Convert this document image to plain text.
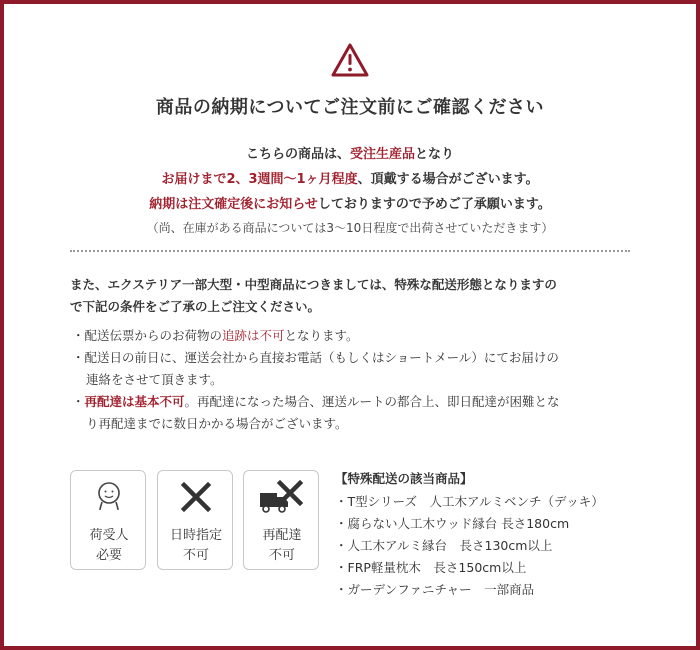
商品の納期についてご注文前にご確認ください
こちらの商品は、受注生産品となり
お届けまで2、3週間〜1ヶ月程度、頂戴する場合がございます。
納期は注文確定後にお知らせしておりますので予めご了承願います。
（尚、在庫がある商品については3〜10日程度で出荷させていただきます）
また、エクステリア一部大型・中型商品につきましては、特殊な配送形態となりますの
で下記の条件をご了承の上ご注文ください。
・配送伝票からのお荷物の追跡は不可となります。
・配送日の前日に、運送会社から直接お電話（もしくはショートメール）にてお届けの
連絡をさせて頂きます。
・再配達は基本不可。再配達になった場合、運送ルートの都合上、即日配達が困難とな
り再配達までに数日かかる場合がございます。
荷受人
必要
日時指定
不可
再配達
不可
【特殊配送の該当商品】
・T型シリーズ　人工木アルミベンチ（デッキ）
・腐らない人工木ウッド縁台 長さ180cm
・人工木アルミ縁台　長さ130cm以上
・FRP軽量枕木　長さ150cm以上
・ガーデンファニチャー　一部商品
